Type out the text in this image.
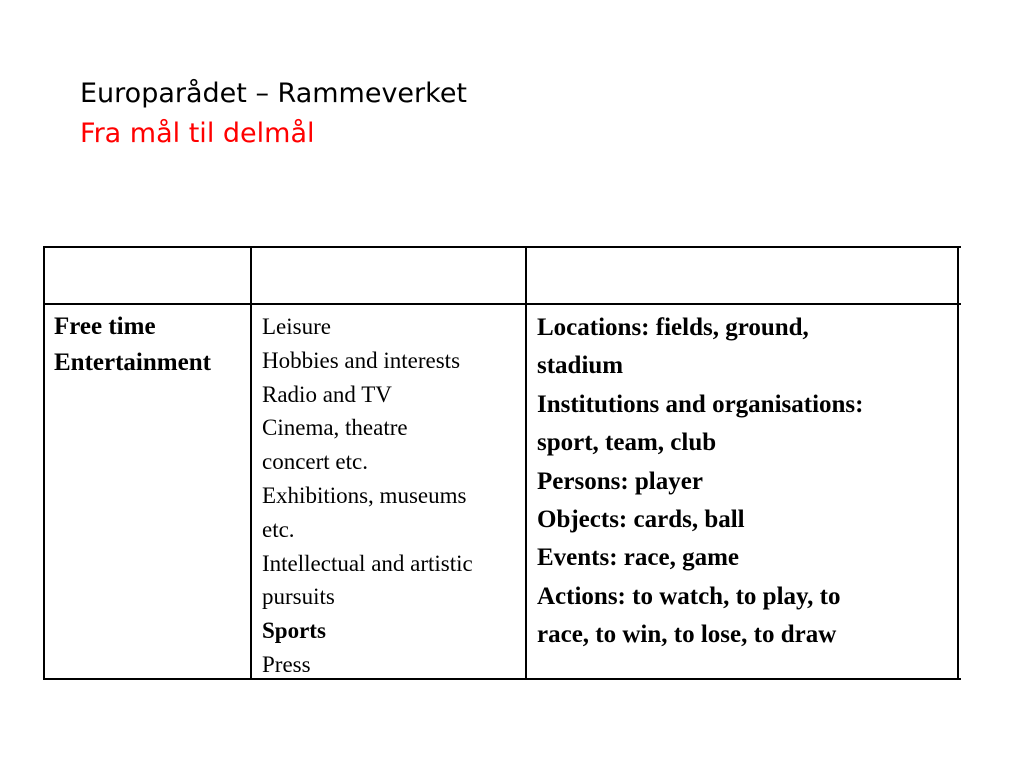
Europarådet – Rammeverket
Fra mål til delmål
Free time
Entertainment
Leisure
Hobbies and interests
Radio and TV
Cinema, theatre
concert etc.
Exhibitions, museums
etc.
Intellectual and artistic
pursuits
Sports
Press
Locations: fields, ground,
stadium
Institutions and organisations:
sport, team, club
Persons: player
Objects: cards, ball
Events: race, game
Actions: to watch, to play, to
race, to win, to lose, to draw
